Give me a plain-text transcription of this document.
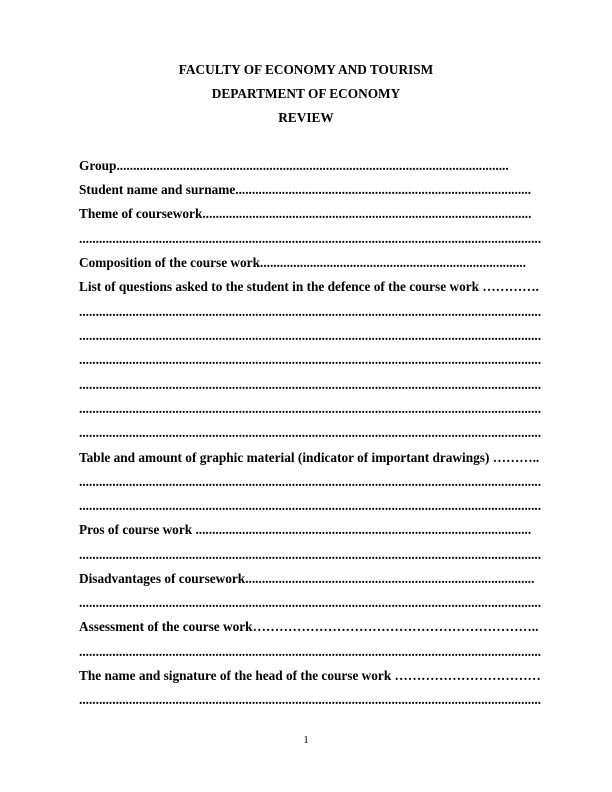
FACULTY OF ECONOMY AND TOURISM
DEPARTMENT OF ECONOMY
REVIEW
Group......................................................................................................................
Student name and surname.........................................................................................
Theme of coursework...................................................................................................
...........................................................................................................................................
Composition of the course work................................................................................
List of questions asked to the student in the defence of the course work ………….
...........................................................................................................................................
...........................................................................................................................................
...........................................................................................................................................
...........................................................................................................................................
...........................................................................................................................................
...........................................................................................................................................
Table and amount of graphic material (indicator of important drawings) ………..
...........................................................................................................................................
...........................................................................................................................................
Pros of course work .....................................................................................................
...........................................................................................................................................
Disadvantages of coursework.......................................................................................
...........................................................................................................................................
Assessment of the course work………………………………………………………..
...........................................................................................................................................
The name and signature of the head of the course work ……………………………
...........................................................................................................................................
1
